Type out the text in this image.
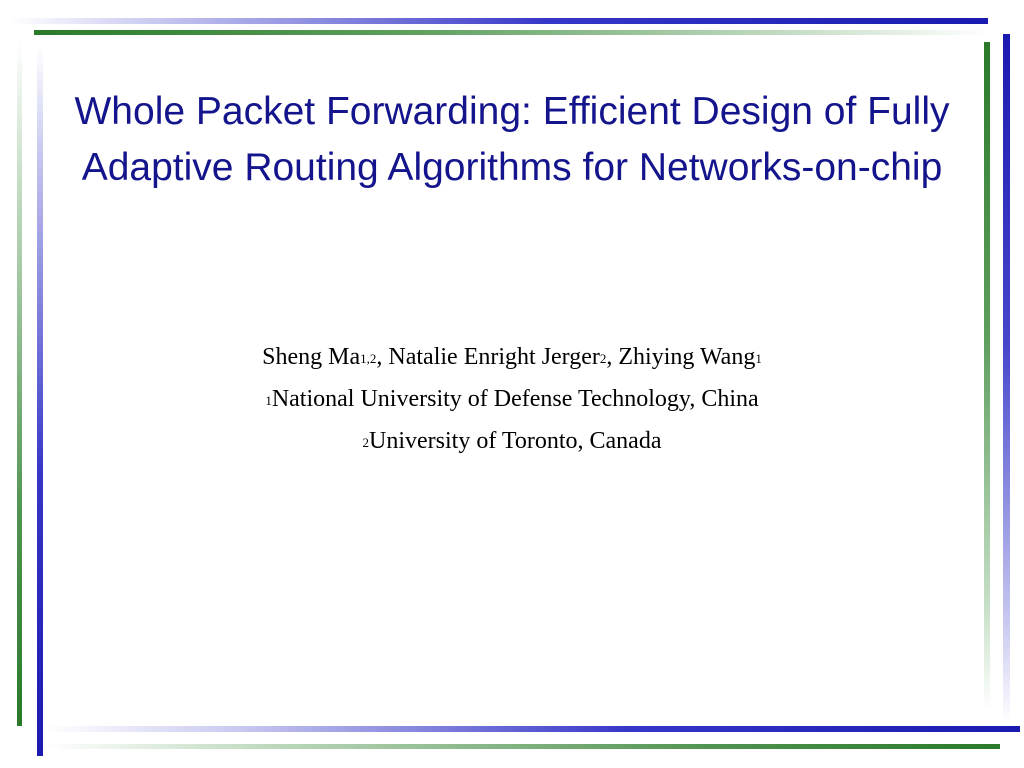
Whole Packet Forwarding: Efficient Design of Fully Adaptive Routing Algorithms for Networks-on-chip

Sheng Ma$^{1,2}$, Natalie Enright Jerger$^2$, Zhiying Wang$^1$

$^1$National University of Defense Technology, China

$^2$University of Toronto, Canada
